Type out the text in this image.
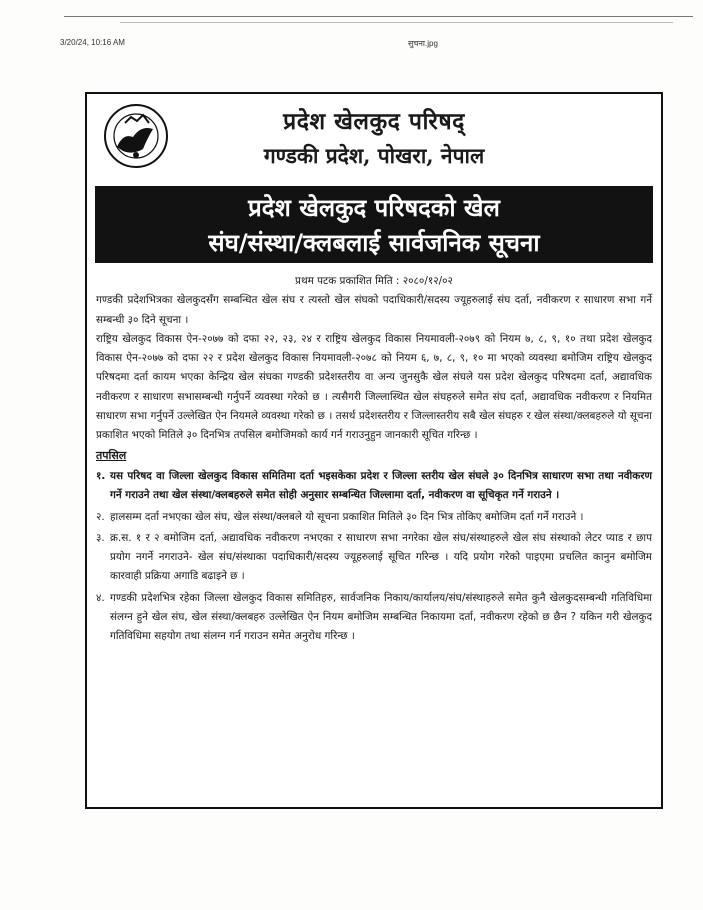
3/20/24, 10:16 AM	सुचना.jpg
प्रदेश खेलकुद परिषद्
गण्डकी प्रदेश, पोखरा, नेपाल
प्रदेश खेलकुद परिषदको खेल
संघ/संस्था/क्लबलाई सार्वजनिक सूचना

प्रथम पटक प्रकाशित मिति : २०८०/१२/०२

गण्डकी प्रदेशभित्रका खेलकुदसँग सम्बन्धित खेल संघ र त्यस्तो खेल संघको पदाधिकारी/सदस्य ज्यूहरुलाई संघ दर्ता, नवीकरण र साधारण सभा गर्ने सम्बन्धी ३० दिने सूचना ।

राष्ट्रिय खेलकुद विकास ऐन-२०७७ को दफा २२, २३, २४ र राष्ट्रिय खेलकुद विकास नियमावली-२०७९ को नियम ७, ८, ९, १० तथा प्रदेश खेलकुद विकास ऐन-२०७७ को दफा २२ र प्रदेश खेलकुद विकास नियमावली-२०७८ को नियम ६, ७, ८, ९, १० मा भएको व्यवस्था बमोजिम राष्ट्रिय खेलकुद परिषदमा दर्ता कायम भएका केन्द्रिय खेल संघका गण्डकी प्रदेशस्तरीय वा अन्य जुनसुकै खेल संघले यस प्रदेश खेलकुद परिषदमा दर्ता, अद्यावधिक नवीकरण र साधारण सभासम्बन्धी गर्नुपर्ने व्यवस्था गरेको छ । त्यसैगरी जिल्लास्थित खेल संघहरुले समेत संघ दर्ता, अद्यावधिक नवीकरण र नियमित साधारण सभा गर्नुपर्ने उल्लेखित ऐन नियमले व्यवस्था गरेको छ । तसर्थ प्रदेशस्तरीय र जिल्लास्तरीय सबै खेल संघहरु र खेल संस्था/क्लबहरुले यो सूचना प्रकाशित भएको मितिले ३० दिनभित्र तपसिल बमोजिमको कार्य गर्न गराउनुहुन जानकारी सूचित गरिन्छ ।

तपसिल

१. यस परिषद वा जिल्ला खेलकुद विकास समितिमा दर्ता भइसकेका प्रदेश र जिल्ला स्तरीय खेल संघले ३० दिनभित्र साधारण सभा तथा नवीकरण गर्ने गराउने तथा खेल संस्था/क्लबहरुले समेत सोही अनुसार सम्बन्धित जिल्लामा दर्ता, नवीकरण वा सूचिकृत गर्ने गराउने ।
२. हालसम्म दर्ता नभएका खेल संघ, खेल संस्था/क्लबले यो सूचना प्रकाशित मितिले ३० दिन भित्र तोकिए बमोजिम दर्ता गर्ने गराउने ।
३. क्र.स. १ र २ बमोजिम दर्ता, अद्यावधिक नवीकरण नभएका र साधारण सभा नगरेका खेल संघ/संस्थाहरुले खेल संघ संस्थाको लेटर प्याड र छाप प्रयोग नगर्ने नगराउने- खेल संघ/संस्थाका पदाधिकारी/सदस्य ज्यूहरुलाई सूचित गरिन्छ । यदि प्रयोग गरेको पाइएमा प्रचलित कानुन बमोजिम कारवाही प्रक्रिया अगाडि बढाइने छ ।
४. गण्डकी प्रदेशभित्र रहेका जिल्ला खेलकुद विकास समितिहरु, सार्वजनिक निकाय/कार्यालय/संघ/संस्थाहरुले समेत कुनै खेलकुदसम्बन्धी गतिविधिमा संलग्न हुने खेल संघ, खेल संस्था/क्लबहरु उल्लेखित ऐन नियम बमोजिम सम्बन्धित निकायमा दर्ता, नवीकरण रहेको छ छैन ? यकिन गरी खेलकुद गतिविधिमा सहयोग तथा संलग्न गर्न गराउन समेत अनुरोध गरिन्छ ।
